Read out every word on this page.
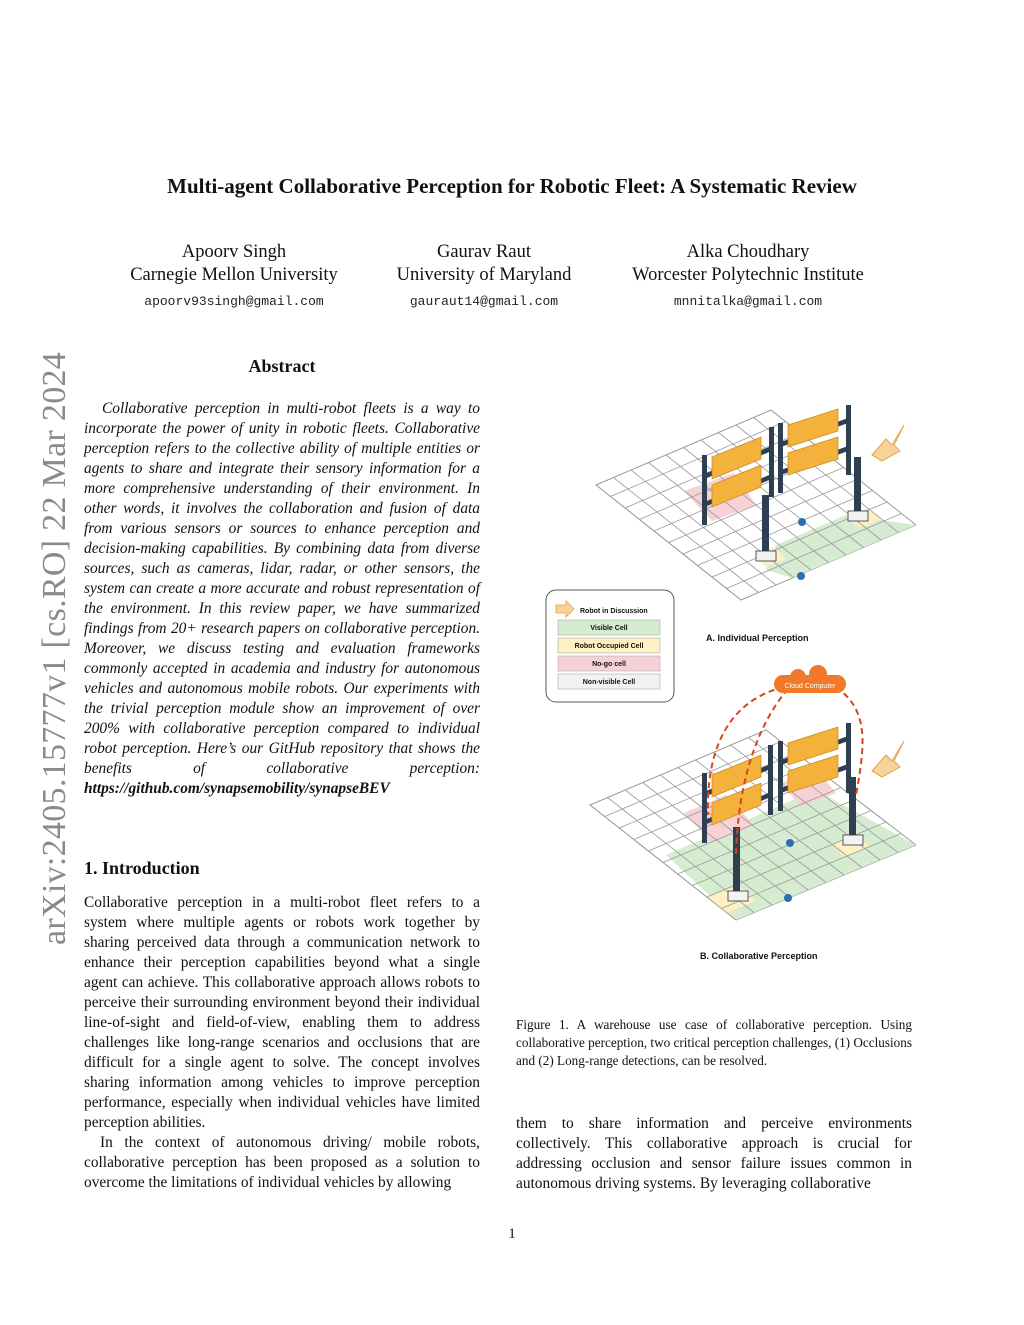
Multi-agent Collaborative Perception for Robotic Fleet: A Systematic Review
Apoorv Singh
Carnegie Mellon University
apoorv93singh@gmail.com
Gaurav Raut
University of Maryland
gauraut14@gmail.com
Alka Choudhary
Worcester Polytechnic Institute
mnnitalka@gmail.com
arXiv:2405.15777v1 [cs.RO] 22 Mar 2024	Abstract
Collaborative perception in multi-robot fleets is a way to incorporate the power of unity in robotic fleets. Collaborative perception refers to the collective ability of multiple entities or agents to share and integrate their sensory information for a more comprehensive understanding of their environment. In other words, it involves the collaboration and fusion of data from various sensors or sources to enhance perception and decision-making capabilities. By combining data from diverse sources, such as cameras, lidar, radar, or other sensors, the system can create a more accurate and robust representation of the environment. In this review paper, we have summarized findings from 20+ research papers on collaborative perception. Moreover, we discuss testing and evaluation frameworks commonly accepted in academia and industry for autonomous vehicles and autonomous mobile robots. Our experiments with the trivial perception module show an improvement of over 200% with collaborative perception compared to individual robot perception. Here’s our GitHub repository that shows the benefits of collaborative perception: https://github.com/synapsemobility/synapseBEV
1. Introduction

Collaborative perception in a multi-robot fleet refers to a system where multiple agents or robots work together by sharing perceived data through a communication network to enhance their perception capabilities beyond what a single agent can achieve. This collaborative approach allows robots to perceive their surrounding environment beyond their individual line-of-sight and field-of-view, enabling them to address challenges like long-range scenarios and occlusions that are difficult for a single agent to solve. The concept involves sharing information among vehicles to improve perception performance, especially when individual vehicles have limited perception abilities.

In the context of autonomous driving/ mobile robots, collaborative perception has been proposed as a solution to overcome the limitations of individual vehicles by allowing

them to share information and perceive environments collectively. This collaborative approach is crucial for addressing occlusion and sensor failure issues common in autonomous driving systems. By leveraging collaborative

Robot in Discussion
Visible Cell
Robot Occupied Cell
No-go cell
Non-visible Cell
A. Individual Perception
Cloud Computer
B. Collaborative Perception
Figure 1. A warehouse use case of collaborative perception. Using collaborative perception, two critical perception challenges, (1) Occlusions and (2) Long-range detections, can be resolved.
1
